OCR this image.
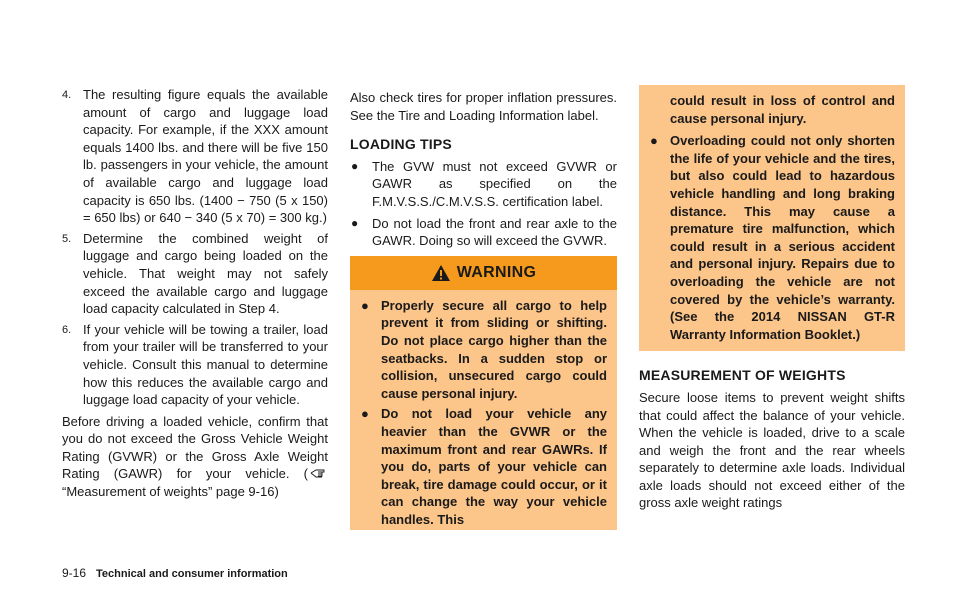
4. The resulting figure equals the available amount of cargo and luggage load capacity. For example, if the XXX amount equals 1400 lbs. and there will be five 150 lb. passengers in your vehicle, the amount of available cargo and luggage load capacity is 650 lbs. (1400 − 750 (5 x 150) = 650 lbs) or 640 − 340 (5 x 70) = 300 kg.)
5. Determine the combined weight of luggage and cargo being loaded on the vehicle. That weight may not safely exceed the available cargo and luggage load capacity calculated in Step 4.
6. If your vehicle will be towing a trailer, load from your trailer will be transferred to your vehicle. Consult this manual to determine how this reduces the available cargo and luggage load capacity of your vehicle.

Before driving a loaded vehicle, confirm that you do not exceed the Gross Vehicle Weight Rating (GVWR) or the Gross Axle Weight Rating (GAWR) for your vehicle. (“Measurement of weights” page 9-16)

Also check tires for proper inflation pressures. See the Tire and Loading Information label.

LOADING TIPS
● The GVW must not exceed GVWR or GAWR as specified on the F.M.V.S.S./C.M.V.S.S. certification label.
● Do not load the front and rear axle to the GAWR. Doing so will exceed the GVWR.
WARNING
● Properly secure all cargo to help prevent it from sliding or shifting. Do not place cargo higher than the seatbacks. In a sudden stop or collision, unsecured cargo could cause personal injury.
● Do not load your vehicle any heavier than the GVWR or the maximum front and rear GAWRs. If you do, parts of your vehicle can break, tire damage could occur, or it can change the way your vehicle handles. This

could result in loss of control and cause personal injury.

● Overloading could not only shorten the life of your vehicle and the tires, but also could lead to hazardous vehicle handling and long braking distance. This may cause a premature tire malfunction, which could result in a serious accident and personal injury. Repairs due to overloading the vehicle are not covered by the vehicle’s warranty. (See the 2014 NISSAN GT-R Warranty Information Booklet.)
MEASUREMENT OF WEIGHTS

Secure loose items to prevent weight shifts that could affect the balance of your vehicle. When the vehicle is loaded, drive to a scale and weigh the front and the rear wheels separately to determine axle loads. Individual axle loads should not exceed either of the gross axle weight ratings

9-16 Technical and consumer information
